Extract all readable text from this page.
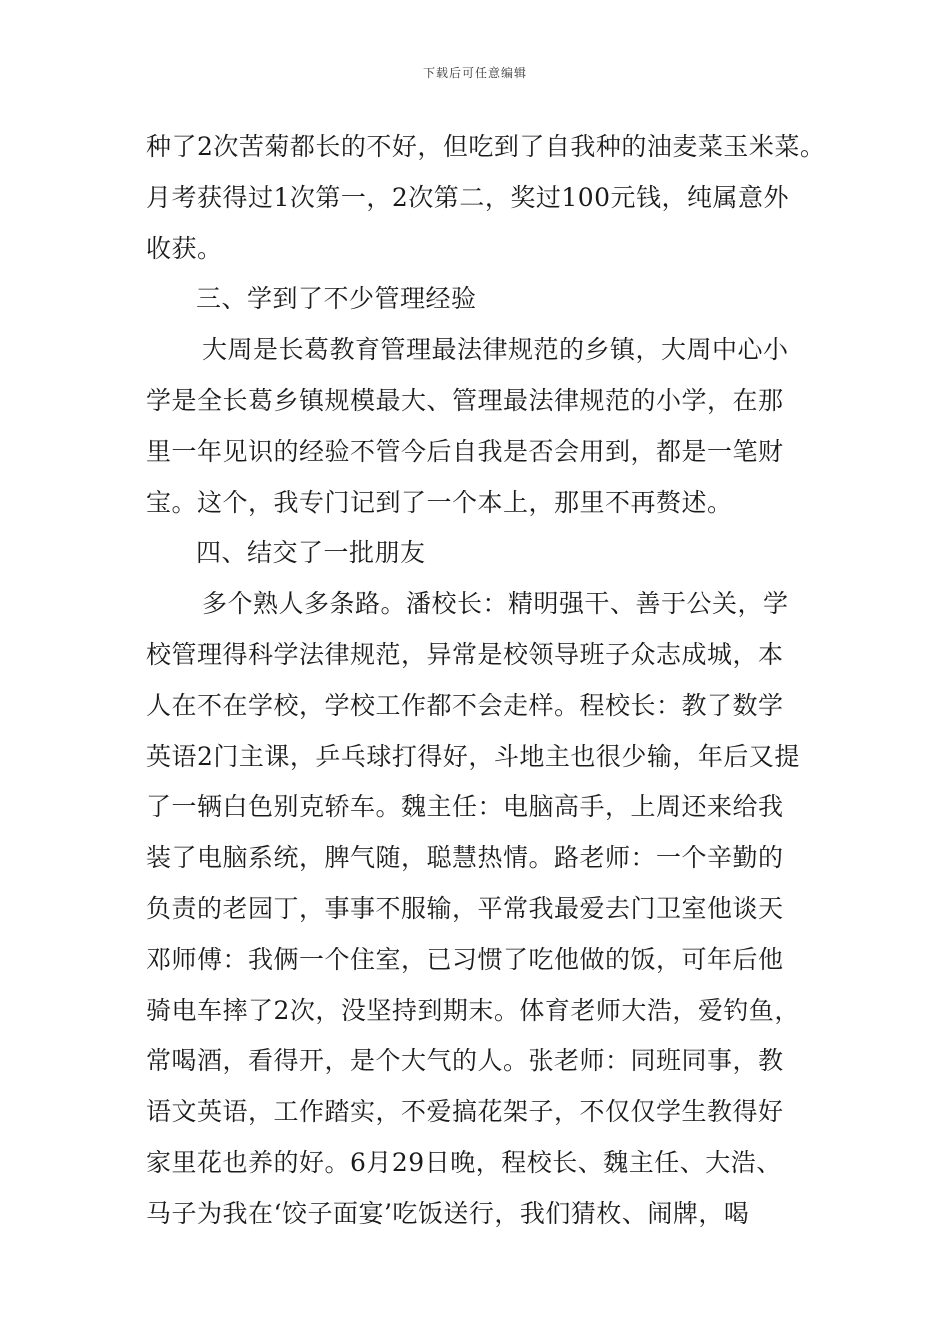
下载后可任意编辑
种了2次苦菊都长的不好，但吃到了自我种的油麦菜玉米菜。
月考获得过1次第一，2次第二，奖过100元钱，纯属意外
收获。
三、学到了不少管理经验
大周是长葛教育管理最法律规范的乡镇，大周中心小
学是全长葛乡镇规模最大、管理最法律规范的小学，在那
里一年见识的经验不管今后自我是否会用到，都是一笔财
宝。这个，我专门记到了一个本上，那里不再赘述。
四、结交了一批朋友
多个熟人多条路。潘校长：精明强干、善于公关，学
校管理得科学法律规范，异常是校领导班子众志成城，本
人在不在学校，学校工作都不会走样。程校长：教了数学
英语2门主课，乒乓球打得好，斗地主也很少输，年后又提
了一辆白色别克轿车。魏主任：电脑高手，上周还来给我
装了电脑系统，脾气随，聪慧热情。路老师：一个辛勤的
负责的老园丁，事事不服输，平常我最爱去门卫室他谈天
邓师傅：我俩一个住室，已习惯了吃他做的饭，可年后他
骑电车摔了2次，没坚持到期末。体育老师大浩，爱钓鱼，
常喝酒，看得开，是个大气的人。张老师：同班同事，教
语文英语，工作踏实，不爱搞花架子，不仅仅学生教得好
家里花也养的好。6月29日晚，程校长、魏主任、大浩、
马子为我在‘饺子面宴’吃饭送行，我们猜枚、闹牌，喝
